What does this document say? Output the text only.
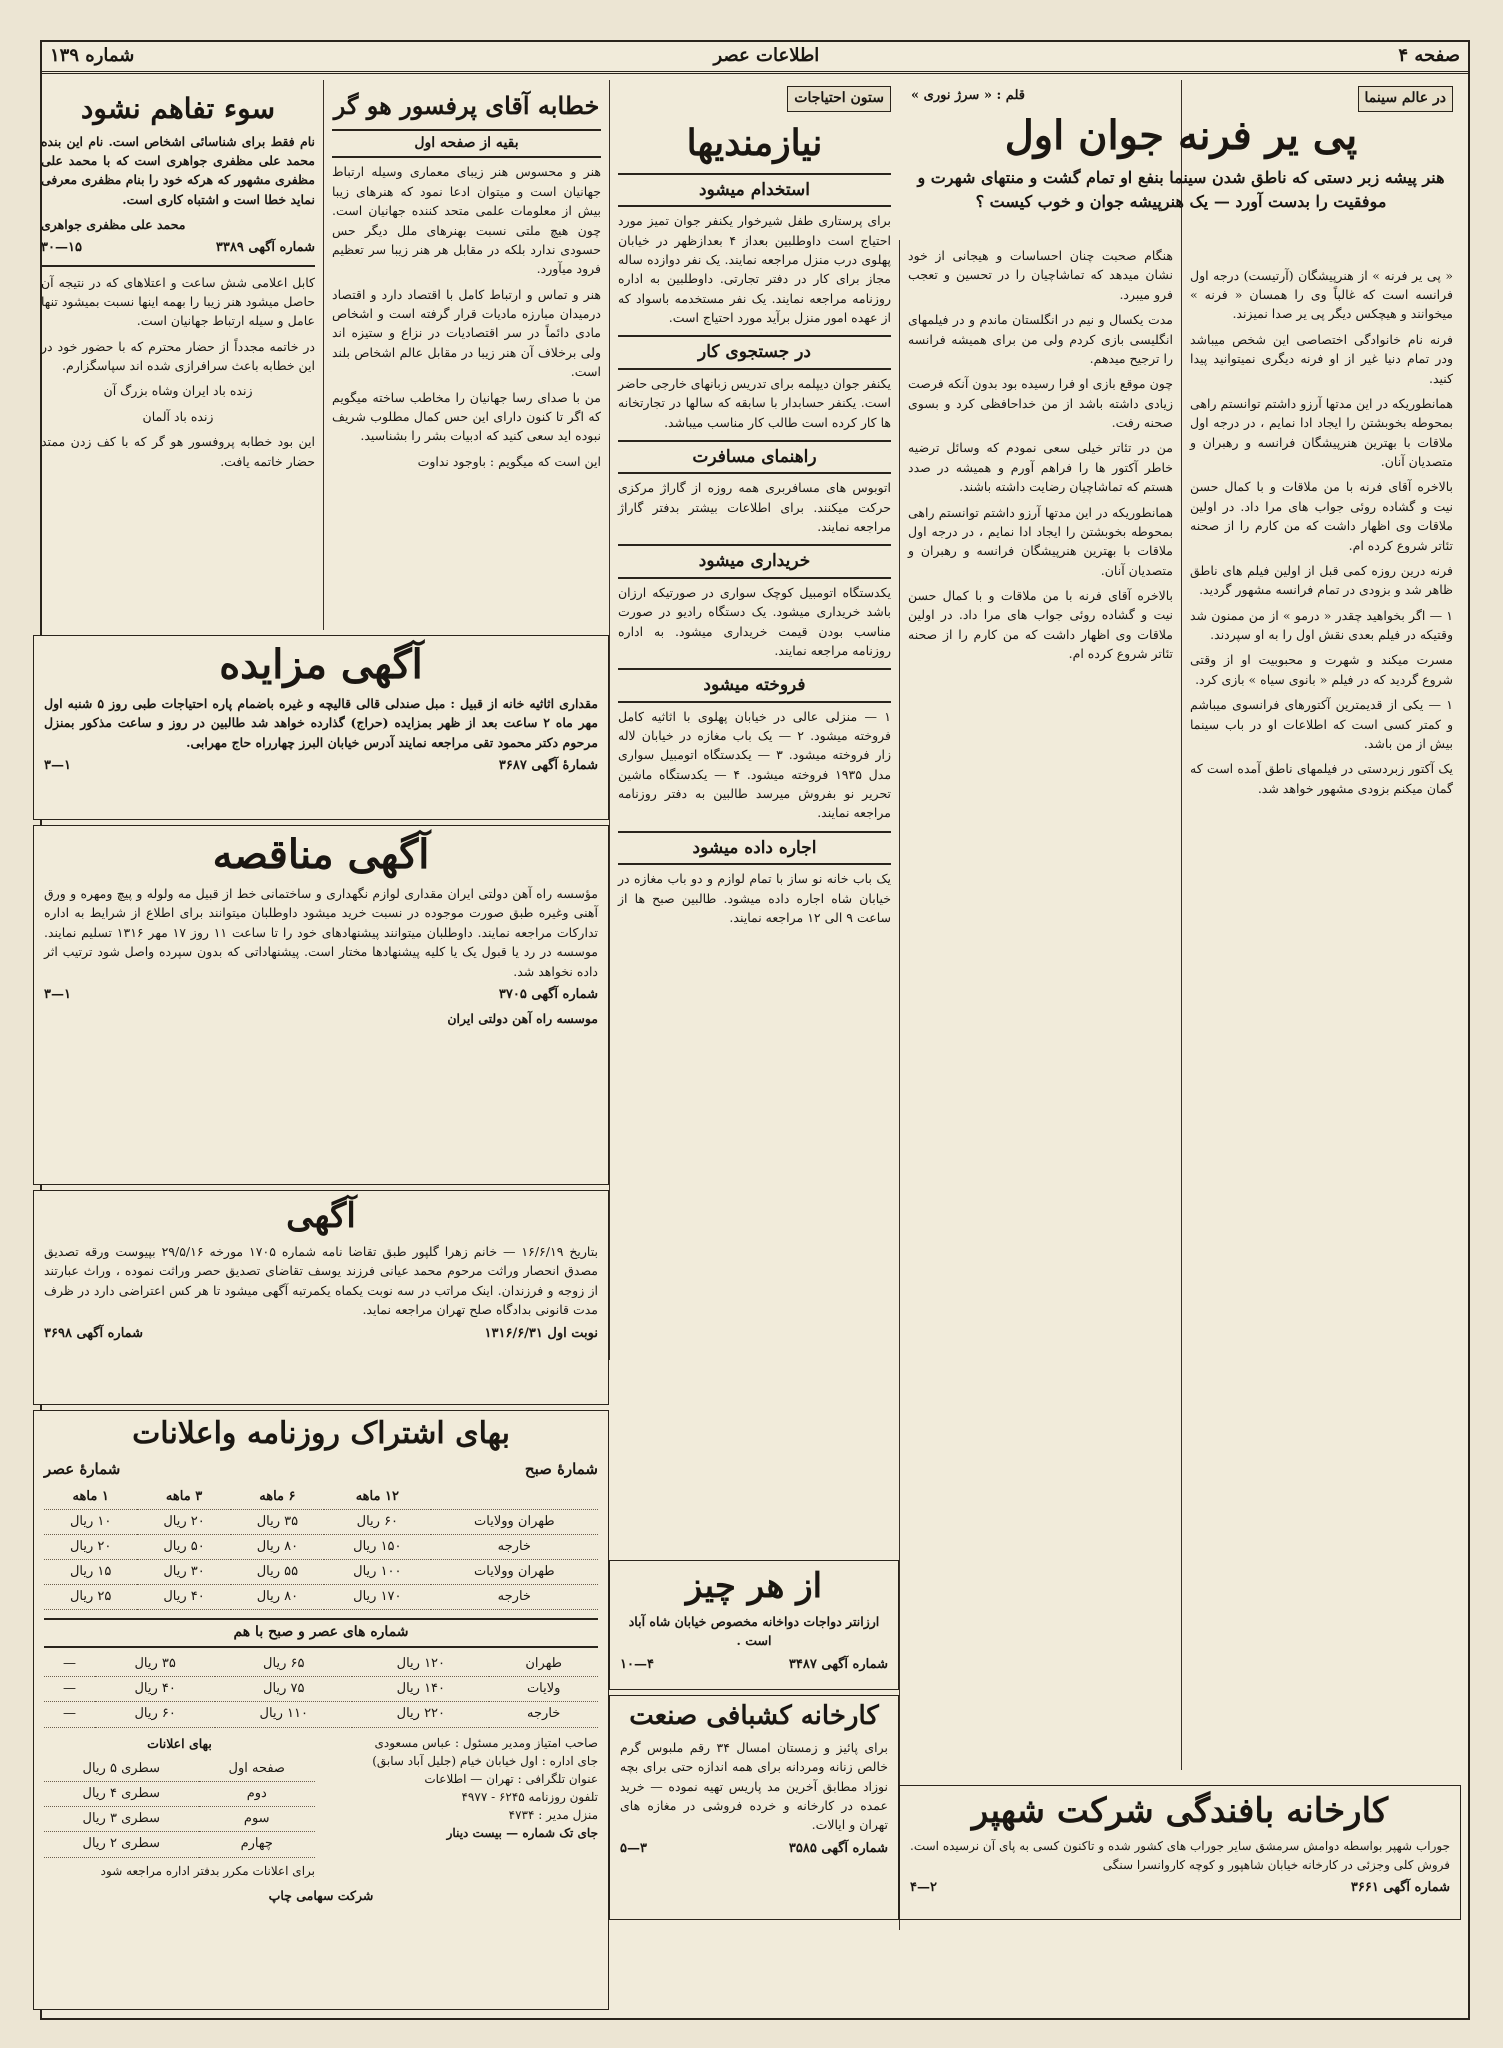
صفحه ۴
اطلاعات عصر
شماره ۱۳۹
در عالم سینما

« پی یر فرنه » از هنرپیشگان (آرتیست) درجه اول فرانسه است که غالباً وی را همسان « فرنه » میخوانند و هیچکس دیگر پی یر صدا نمیزند.

فرنه نام خانوادگی اختصاصی این شخص میباشد ودر تمام دنیا غیر از او فرنه دیگری نمیتوانید پیدا کنید.

همانطوریکه در این مدتها آرزو داشتم توانستم راهی بمحوطه بخوبشتن را ایجاد ادا نمایم ، در درجه اول ملاقات با بهترین هنرپیشگان فرانسه و رهبران و متصدیان آنان.

بالاخره آقای فرنه با من ملاقات و با کمال حسن نیت و گشاده روئی جواب های مرا داد. در اولین ملاقات وی اظهار داشت که من کارم را از صحنه تئاتر شروع کرده ام.

فرنه درین روزه کمی قبل از اولین فیلم های ناطق ظاهر شد و بزودی در تمام فرانسه مشهور گردید.

۱ — اگر بخواهید چقدر « درمو » از من ممنون شد وقتیکه در فیلم بعدی نقش اول را به او سپردند.

مسرت میکند و شهرت و محبوبیت او از وقتی شروع گردید که در فیلم « بانوی سیاه » بازی کرد.

۱ — یکی از قدیمترین آکتورهای فرانسوی میباشم و کمتر کسی است که اطلاعات او در باب سینما بیش از من باشد.

یک آکتور زبردستی در فیلمهای ناطق آمده است که گمان میکنم بزودی مشهور خواهد شد.

قلم : « سرژ نوری »
پی یر فرنه جوان اول
هنر پیشه زبر دستی که ناطق شدن سینما بنفع او تمام گشت و منتهای شهرت و موفقیت را بدست آورد — یک هنرپیشه جوان و خوب کیست ؟

هنگام صحبت چنان احساسات و هیجانی از خود نشان میدهد که تماشاچیان را در تحسین و تعجب فرو میبرد.

مدت یکسال و نیم در انگلستان ماندم و در فیلمهای انگلیسی بازی کردم ولی من برای همیشه فرانسه را ترجیح میدهم.

چون موقع بازی او فرا رسیده بود بدون آنکه فرصت زیادی داشته باشد از من خداحافظی کرد و بسوی صحنه رفت.

من در تئاتر خیلی سعی نمودم که وسائل ترضیه خاطر آکتور ها را فراهم آورم و همیشه در صدد هستم که تماشاچیان رضایت داشته باشند.

همانطوریکه در این مدتها آرزو داشتم توانستم راهی بمحوطه بخوبشتن را ایجاد ادا نمایم ، در درجه اول ملاقات با بهترین هنرپیشگان فرانسه و رهبران و متصدیان آنان.

بالاخره آقای فرنه با من ملاقات و با کمال حسن نیت و گشاده روئی جواب های مرا داد. در اولین ملاقات وی اظهار داشت که من کارم را از صحنه تئاتر شروع کرده ام.

کارخانه بافندگی شرکت شهپر
جوراب شهپر بواسطه دوامش سرمشق سایر جوراب های کشور شده و تاکنون کسی به پای آن نرسیده است. فروش کلی وجزئی در کارخانه خیابان شاهپور و کوچه کاروانسرا سنگی
شماره آگهی ۳۶۶۱
۲—۴
ستون احتیاجات
نیازمندیها
استخدام میشود

برای پرستاری طفل شیرخوار یکنفر جوان تمیز مورد احتیاج است داوطلبین بعداز ۴ بعدازظهر در خیابان پهلوی درب منزل مراجعه نمایند. یک نفر دوازده ساله مجاز برای کار در دفتر تجارتی. داوطلبین به اداره روزنامه مراجعه نمایند. یک نفر مستخدمه باسواد که از عهده امور منزل برآید مورد احتیاج است.

در جستجوی کار

یکنفر جوان دیپلمه برای تدریس زبانهای خارجی حاضر است. یکنفر حسابدار با سابقه که سالها در تجارتخانه ها کار کرده است طالب کار مناسب میباشد.

راهنمای مسافرت

اتوبوس های مسافربری همه روزه از گاراژ مرکزی حرکت میکنند. برای اطلاعات بیشتر بدفتر گاراژ مراجعه نمایند.

خریداری میشود

یکدستگاه اتومبیل کوچک سواری در صورتیکه ارزان باشد خریداری میشود. یک دستگاه رادیو در صورت مناسب بودن قیمت خریداری میشود. به اداره روزنامه مراجعه نمایند.

فروخته میشود

۱ — منزلی عالی در خیابان پهلوی با اثاثیه کامل فروخته میشود. ۲ — یک باب مغازه در خیابان لاله زار فروخته میشود. ۳ — یکدستگاه اتومبیل سواری مدل ۱۹۳۵ فروخته میشود. ۴ — یکدستگاه ماشین تحریر نو بفروش میرسد طالبین به دفتر روزنامه مراجعه نمایند.

اجاره داده میشود

یک باب خانه نو ساز با تمام لوازم و دو باب مغازه در خیابان شاه اجاره داده میشود. طالبین صبح ها از ساعت ۹ الی ۱۲ مراجعه نمایند.

از هر چیز
ارزانتر دواجات دواخانه مخصوص خیابان شاه آباد است .
شماره آگهی ۳۴۸۷
۴—۱۰
کارخانه کشبافی صنعت
برای پائیز و زمستان امسال ۳۴ رقم ملبوس گرم خالص زنانه ومردانه برای همه اندازه حتی برای بچه نوزاد مطابق آخرین مد پاریس تهیه نموده — خرید عمده در کارخانه و خرده فروشی در مغازه های تهران و ایالات.
شماره آگهی ۳۵۸۵
۳—۵
خطابه آقای پرفسور هو گر
بقیه از صفحه اول

هنر و محسوس هنر زیبای معماری وسیله ارتباط جهانیان است و میتوان ادعا نمود که هنرهای زیبا بیش از معلومات علمی متحد کننده جهانیان است. چون هیچ ملتی نسبت بهنرهای ملل دیگر حس حسودی ندارد بلکه در مقابل هر هنر زیبا سر تعظیم فرود میآورد.

هنر و تماس و ارتباط کامل با اقتصاد دارد و اقتصاد درمیدان مبارزه مادیات قرار گرفته است و اشخاص مادی دائماً در سر اقتصادیات در نزاع و ستیزه اند ولی برخلاف آن هنر زیبا در مقابل عالم اشخاص بلند است.

من با صدای رسا جهانیان را مخاطب ساخته میگویم که اگر تا کنون دارای این حس کمال مطلوب شریف نبوده اید سعی کنید که ادبیات بشر را بشناسید.

این است که میگویم : باوجود نداوت

سوء تفاهم نشود

نام فقط برای شناسائی اشخاص است. نام این بنده محمد علی مظفری جواهری است که با محمد علی مظفری مشهور که هرکه خود را بنام مظفری معرفی نماید خطا است و اشتباه کاری است.

محمد علی مظفری جواهری
شماره آگهی ۳۳۸۹
۱۵—۳۰

کابل اعلامی شش ساعت و اعتلاهای که در نتیجه آن حاصل میشود هنر زیبا را بهمه اینها نسبت بمیشود تنها عامل و سیله ارتباط جهانیان است.

در خاتمه مجدداً از حضار محترم که با حضور خود در این خطابه باعث سرافرازی شده اند سپاسگزارم.

زنده باد ایران وشاه بزرگ آن

زنده باد آلمان

این بود خطابه پروفسور هو گر که با کف زدن ممتد حضار خاتمه یافت.

آگهی مزایده
مقداری اثاثیه خانه از قبیل : مبل صندلی قالی قالیچه و غیره باضمام پاره احتیاجات طبی روز ۵ شنبه اول مهر ماه ۲ ساعت بعد از ظهر بمزایده (حراج) گذارده خواهد شد طالبین در روز و ساعت مذکور بمنزل مرحوم دکتر محمود تقی مراجعه نمایند آدرس خیابان البرز چهارراه حاج مهرابی.
شمارهٔ آگهی ۳۶۸۷
۱—۳
آگهی مناقصه
مؤسسه راه آهن دولتی ایران مقداری لوازم نگهداری و ساختمانی خط از قبیل مه ولوله و پیچ ومهره و ورق آهنی وغیره طبق صورت موجوده در نسبت خرید میشود داوطلبان میتوانند برای اطلاع از شرایط به اداره تدارکات مراجعه نمایند. داوطلبان میتوانند پیشنهادهای خود را تا ساعت ۱۱ روز ۱۷ مهر ۱۳۱۶ تسلیم نمایند. موسسه در رد یا قبول یک یا کلیه پیشنهادها مختار است. پیشنهاداتی که بدون سپرده واصل شود ترتیب اثر داده نخواهد شد.
شماره آگهی ۳۷۰۵
۱—۳
موسسه راه آهن دولتی ایران
آگهی
بتاریخ ۱۶/۶/۱۹ — خانم زهرا گلپور طبق تقاضا نامه شماره ۱۷۰۵ مورخه ۲۹/۵/۱۶ بپیوست ورقه تصدیق مصدق انحصار وراثت مرحوم محمد عیانی فرزند یوسف تقاضای تصدیق حصر وراثت نموده ، وراث عبارتند از زوجه و فرزندان. اینک مراتب در سه نوبت یکماه یکمرتبه آگهی میشود تا هر کس اعتراضی دارد در ظرف مدت قانونی بدادگاه صلح تهران مراجعه نماید.
نوبت اول ۱۳۱۶/۶/۳۱
شماره آگهی ۳۶۹۸
بهای اشتراک روزنامه واعلانات
شمارهٔ صبح
شمارهٔ عصر
	۱۲ ماهه	۶ ماهه	۳ ماهه	۱ ماهه
طهران وولایات	۶۰ ریال	۳۵ ریال	۲۰ ریال	۱۰ ریال
خارجه	۱۵۰ ریال	۸۰ ریال	۵۰ ریال	۲۰ ریال
طهران وولایات	۱۰۰ ریال	۵۵ ریال	۳۰ ریال	۱۵ ریال
خارجه	۱۷۰ ریال	۸۰ ریال	۴۰ ریال	۲۵ ریال
شماره های عصر و صبح با هم
طهران	۱۲۰ ریال	۶۵ ریال	۳۵ ریال	—
ولایات	۱۴۰ ریال	۷۵ ریال	۴۰ ریال	—
خارجه	۲۲۰ ریال	۱۱۰ ریال	۶۰ ریال	—
صاحب امتیاز ومدیر مسئول : عباس مسعودی
جای اداره : اول خیابان خیام (جلیل آباد سابق)
عنوان تلگرافی : تهران — اطلاعات
تلفون روزنامه ۶۲۴۵ - ۴۹۷۷
منزل مدیر : ۴۷۳۴
جای تک شماره — بیست دینار
بهای اعلانات
صفحه اول	سطری ۵ ریال
دوم	سطری ۴ ریال
سوم	سطری ۳ ریال
چهارم	سطری ۲ ریال
برای اعلانات مکرر بدفتر اداره مراجعه شود
شرکت سهامی چاپ
